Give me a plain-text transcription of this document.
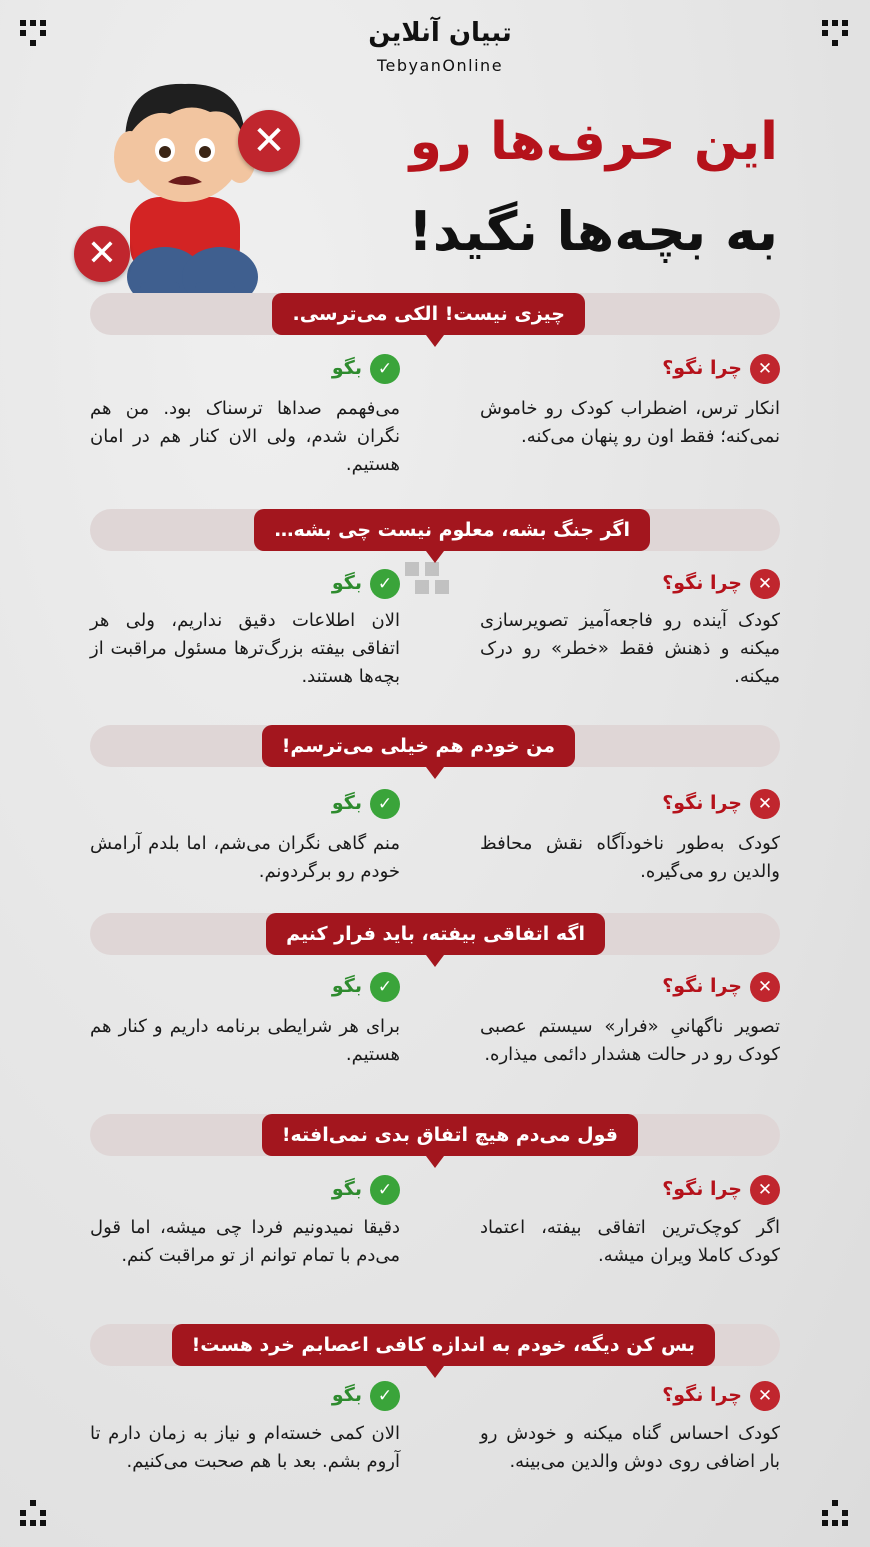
تبیان آنلاین
TebyanOnline
✕
✕
این حرف‌ها رو
به بچه‌ها نگید!
چیزی نیست! الکی می‌ترسی.
✕چرا نگو؟
✓بگو
انکار ترس، اضطراب کودک رو خاموش نمی‌کنه؛ فقط اون رو پنهان می‌کنه.
می‌فهمم صداها ترسناک بود. من هم نگران شدم، ولی الان کنار هم در امان هستیم.
اگر جنگ بشه، معلوم نیست چی بشه…
✕چرا نگو؟
✓بگو
کودک آینده رو فاجعه‌آمیز تصویرسازی میکنه و ذهنش فقط «خطر» رو درک میکنه.
الان اطلاعات دقیق نداریم، ولی هر اتفاقی بیفته بزرگ‌ترها مسئول مراقبت از بچه‌ها هستند.
من خودم هم خیلی می‌ترسم!
✕چرا نگو؟
✓بگو
کودک به‌طور ناخودآگاه نقش محافظ والدین رو می‌گیره.
منم گاهی نگران می‌شم، اما بلدم آرامش خودم رو برگردونم.
اگه اتفاقی بیفته، باید فرار کنیم
✕چرا نگو؟
✓بگو
تصویر ناگهانیِ «فرار» سیستم عصبی کودک رو در حالت هشدار دائمی میذاره.
برای هر شرایطی برنامه داریم و کنار هم هستیم.
قول می‌دم هیچ اتفاق بدی نمی‌افته!
✕چرا نگو؟
✓بگو
اگر کوچک‌ترین اتفاقی بیفته، اعتماد کودک کاملا ویران میشه.
دقیقا نمیدونیم فردا چی میشه، اما قول می‌دم با تمام توانم از تو مراقبت کنم.
بس کن دیگه، خودم به اندازه کافی اعصابم خرد هست!
✕چرا نگو؟
✓بگو
کودک احساس گناه میکنه و خودش رو بار اضافی روی دوش والدین می‌بینه.
الان کمی خسته‌ام و نیاز به زمان دارم تا آروم بشم. بعد با هم صحبت می‌کنیم.
